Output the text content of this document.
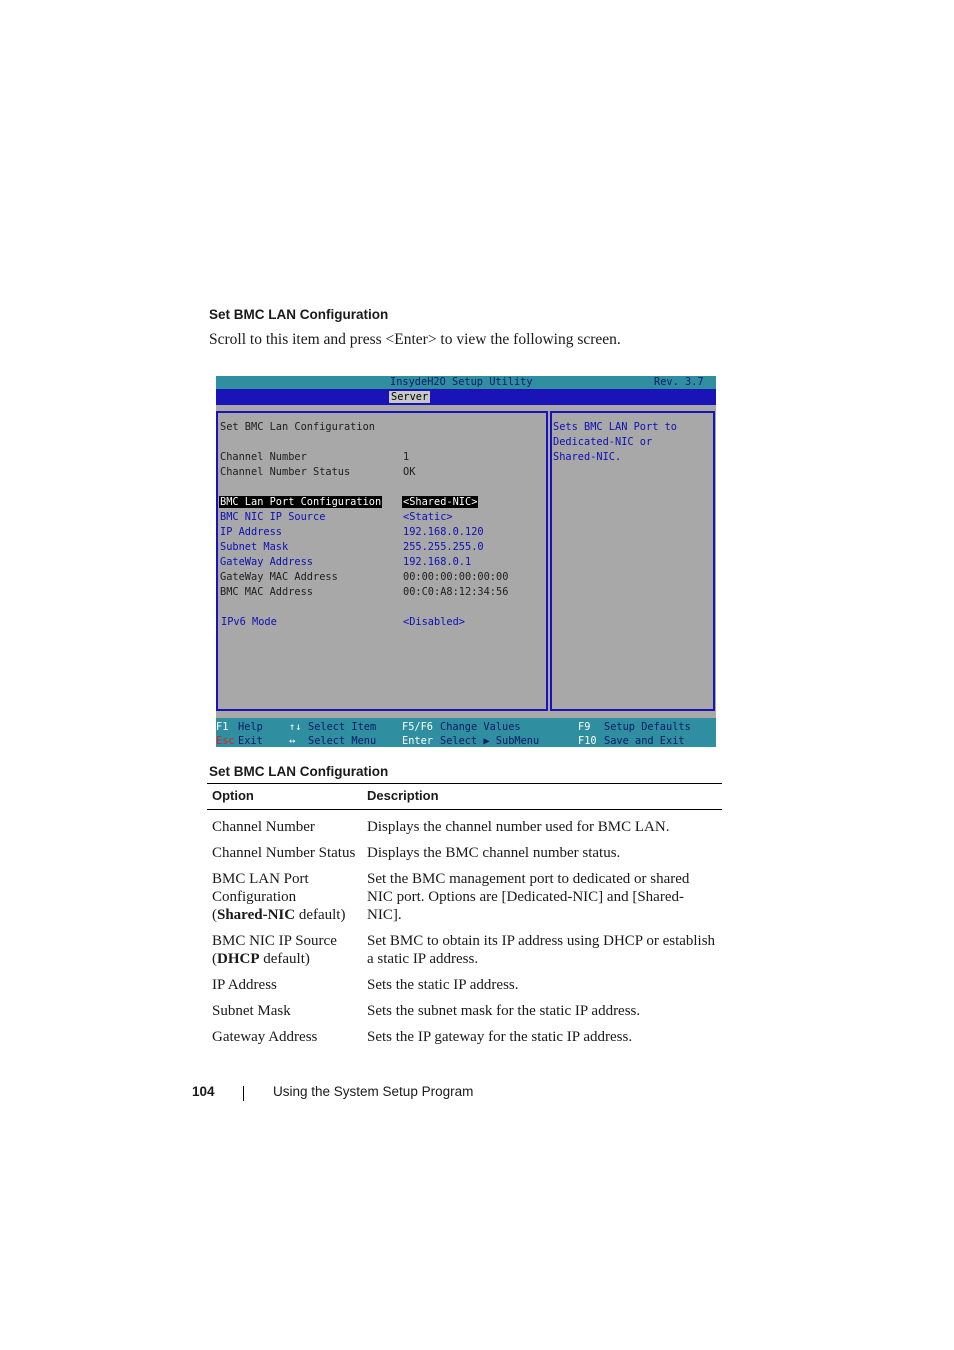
Set BMC LAN Configuration
Scroll to this item and press <Enter> to view the following screen.
InsydeH2O Setup Utility	Rev. 3.7
Server
Set BMC Lan Configuration
Channel Number	1
Channel Number Status	OK
BMC Lan Port Configuration <Shared-NIC>
BMC NIC IP Source	<Static>
IP Address	192.168.0.120
Subnet Mask	255.255.255.0
GateWay Address	192.168.0.1
GateWay MAC Address	00:00:00:00:00:00
BMC MAC Address	00:C0:A8:12:34:56
IPv6 Mode	<Disabled>
Sets BMC LAN Port to
Dedicated-NIC or
Shared-NIC.
F1 Help	↑↓ Select Item	F5/F6 Change Values	F9 Setup Defaults
Esc Exit	↔ Select Menu	Enter Select ▶ SubMenu	F10 Save and Exit
Set BMC LAN Configuration
Option	Description
Channel Number	Displays the channel number used for BMC LAN.
Channel Number Status	Displays the BMC channel number status.
BMC LAN Port
Configuration
(Shared-NIC default)	Set the BMC management port to dedicated or shared
NIC port. Options are [Dedicated-NIC] and [Shared-
NIC].
BMC NIC IP Source
(DHCP default)	Set BMC to obtain its IP address using DHCP or establish
a static IP address.
IP Address	Sets the static IP address.
Subnet Mask	Sets the subnet mask for the static IP address.
Gateway Address	Sets the IP gateway for the static IP address.
104	Using the System Setup Program
